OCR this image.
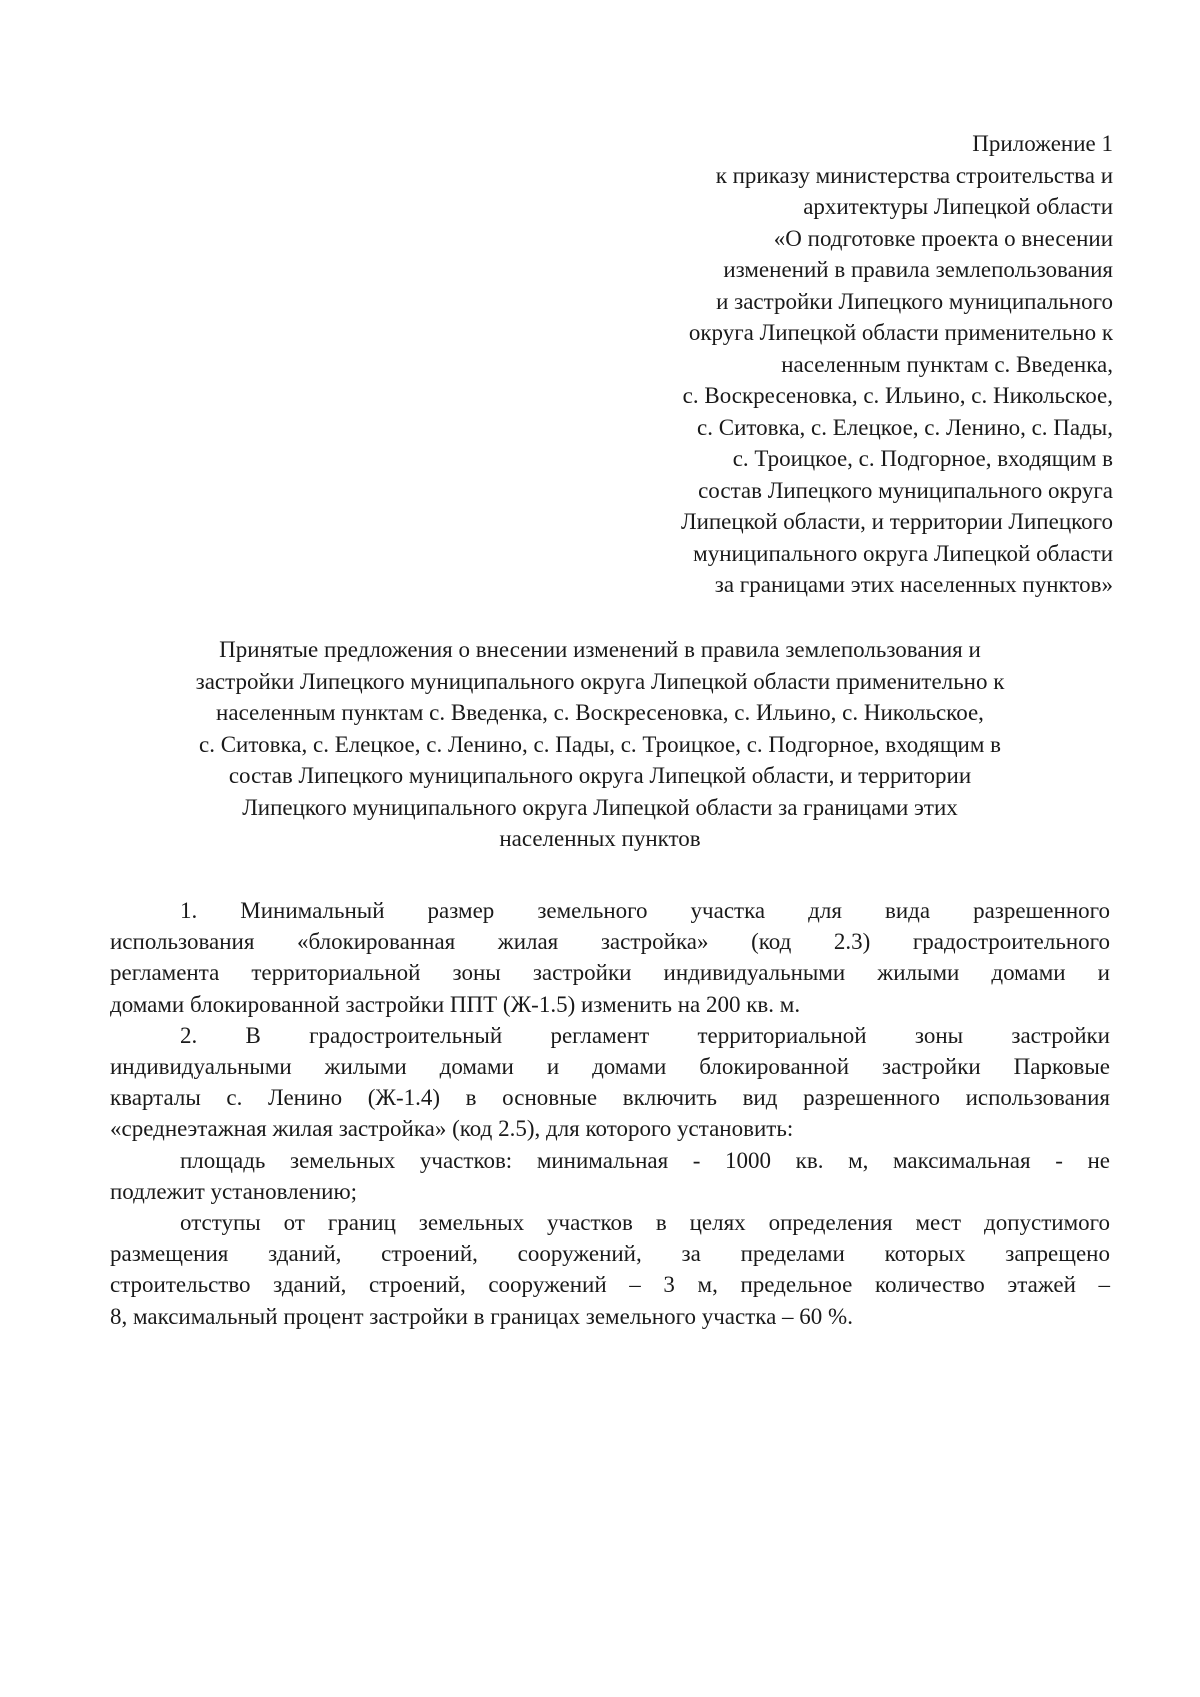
Приложение 1
к приказу министерства строительства и
архитектуры Липецкой области
«О подготовке проекта о внесении
изменений в правила землепользования
и застройки Липецкого муниципального
округа Липецкой области применительно к
населенным пунктам с. Введенка,
с. Воскресеновка, с. Ильино, с. Никольское,
с. Ситовка, с. Елецкое, с. Ленино, с. Пады,
с. Троицкое, с. Подгорное, входящим в
состав Липецкого муниципального округа
Липецкой области, и территории Липецкого
муниципального округа Липецкой области
за границами этих населенных пунктов»
Принятые предложения о внесении изменений в правила землепользования и
застройки Липецкого муниципального округа Липецкой области применительно к
населенным пунктам с. Введенка, с. Воскресеновка, с. Ильино, с. Никольское,
с. Ситовка, с. Елецкое, с. Ленино, с. Пады, с. Троицкое, с. Подгорное, входящим в
состав Липецкого муниципального округа Липецкой области, и территории
Липецкого муниципального округа Липецкой области за границами этих
населенных пунктов
1. Минимальный размер земельного участка для вида разрешенного
использования «блокированная жилая застройка» (код 2.3) градостроительного
регламента территориальной зоны застройки индивидуальными жилыми домами и
домами блокированной застройки ППТ (Ж-1.5) изменить на 200 кв. м.
2. В градостроительный регламент территориальной зоны застройки
индивидуальными жилыми домами и домами блокированной застройки Парковые
кварталы с. Ленино (Ж-1.4) в основные включить вид разрешенного использования
«среднеэтажная жилая застройка» (код 2.5), для которого установить:
площадь земельных участков: минимальная - 1000 кв. м, максимальная - не
подлежит установлению;
отступы от границ земельных участков в целях определения мест допустимого
размещения зданий, строений, сооружений, за пределами которых запрещено
строительство зданий, строений, сооружений – 3 м, предельное количество этажей –
8, максимальный процент застройки в границах земельного участка – 60 %.
